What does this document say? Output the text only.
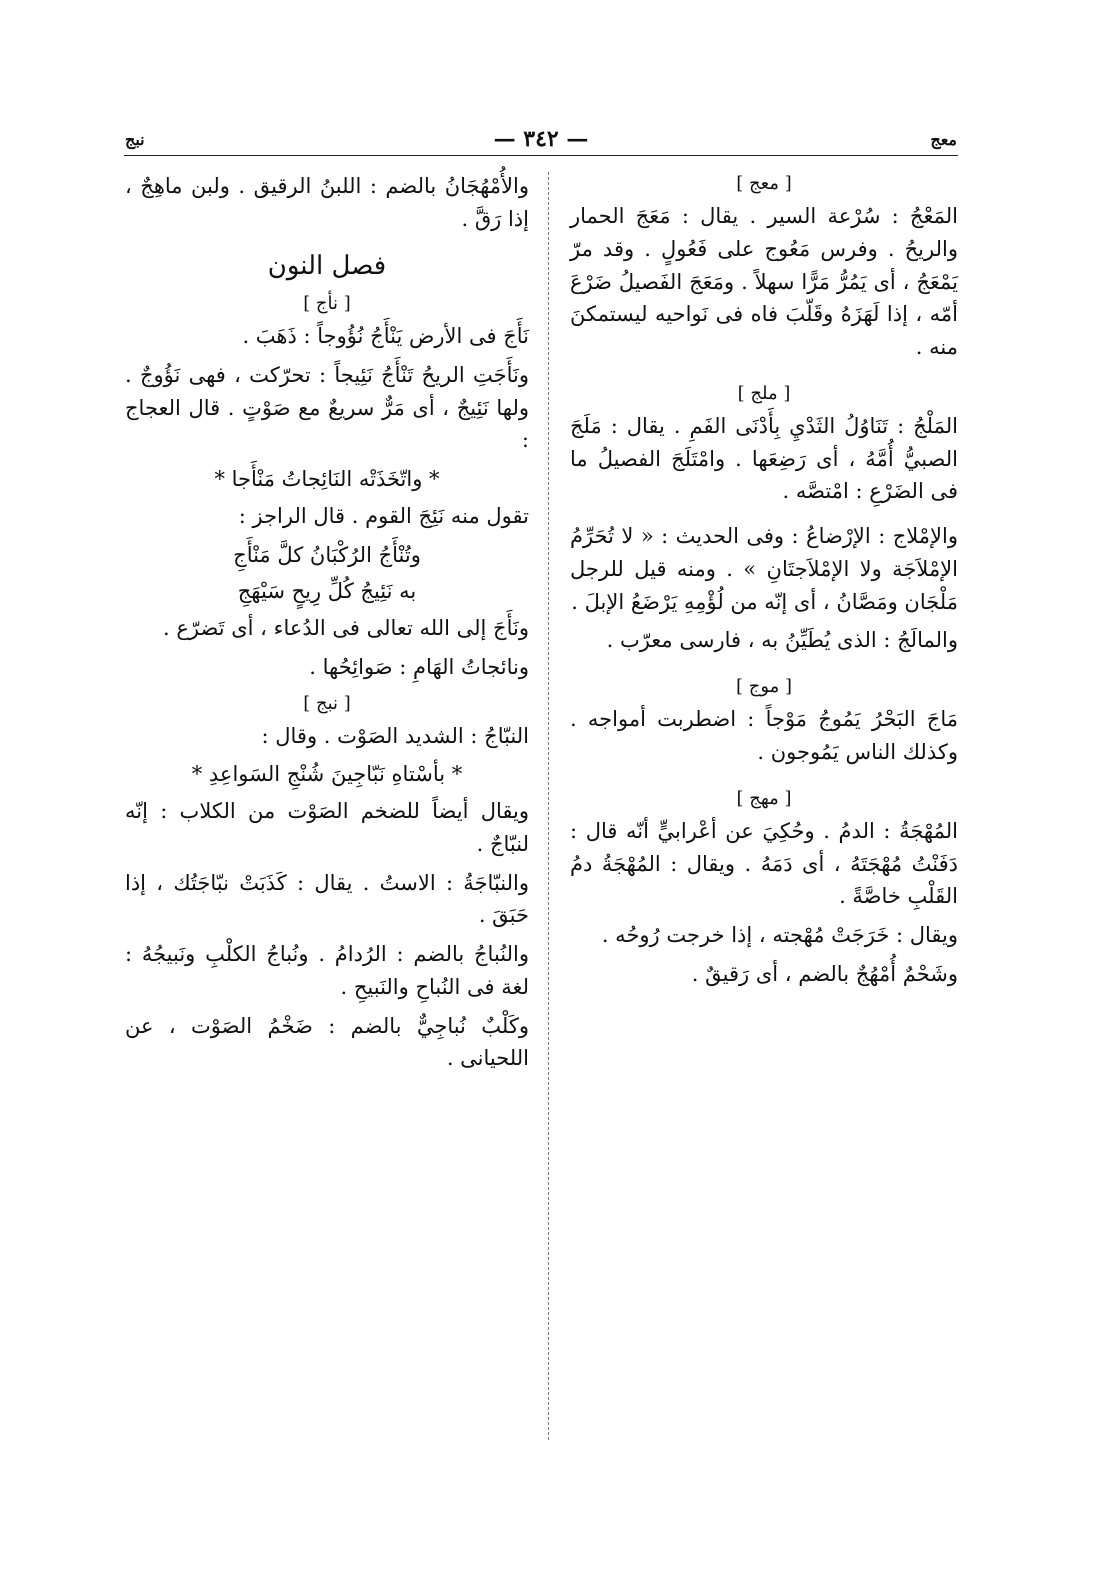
معج
— ٣٤٢ —
نبج
[ معج ]

المَعْجُ : سُرْعة السير . يقال : مَعَجَ الحمار والريحُ . وفرس مَعُوج على فَعُولٍ . وقد مرّ يَمْعَجُ ، أى يَمُرُّ مَرًّا سهلاً . ومَعَجَ الفَصيلُ ضَرْعَ أمّه ، إذا لَهَزَهُ وقَلّبَ فاه فى نَواحيه ليستمكنَ منه .

[ ملج ]

المَلْجُ : تَنَاوُلُ الثَدْيِ بِأَدْنَى الفَمِ . يقال : مَلَجَ الصبيُّ أُمَّهُ ، أى رَضِعَها . وامْتَلَجَ الفصيلُ ما فى الضَرْعِ : امْتصَّه .

والإمْلاج : الإرْضاعُ : وفى الحديث : « لا تُحَرِّمُ الإمْلاَجَة ولا الإمْلاَجتَانِ » . ومنه قيل للرجل مَلْجَان ومَصَّانُ ، أى إنّه من لُؤْمِهِ يَرْضَعُ الإبلَ .

والمالَجُ : الذى يُطَيِّنُ به ، فارسى معرّب .

[ موج ]

مَاجَ البَحْرُ يَمُوجُ مَوْجاً : اضطربت أمواجه . وكذلك الناس يَمُوجون .

[ مهج ]

المُهْجَةُ : الدمُ . وحُكِيَ عن أعْرابيٍّ أنّه قال : دَفَنْتُ مُهْجَتَهُ ، أى دَمَهُ . ويقال : المُهْجَةُ دمُ القَلْبِ خاصَّةً .

ويقال : خَرَجَتْ مُهْجته ، إذا خرجت رُوحُه .

وشَحْمٌ أُمْهُجٌ بالضم ، أى رَقيقٌ .

والأُمْهُجَانُ بالضم : اللبنُ الرقيق . ولبن ماهِجٌ ، إذا رَقَّ .

فصل النون
[ نأج ]

نَأَجَ فى الأرض يَنْأَجُ نُؤُوجاً : ذَهَبَ .

ونَأَجَتِ الريحُ تَنْأَجُ نَئِيجاً : تحرّكت ، فهى نَؤُوجٌ . ولها نَئِيجٌ ، أى مَرٌّ سريعٌ مع صَوْتٍ . قال العجاج :

* واتّخَذَتْه النَائِجاتُ مَنْأَجا *

تقول منه نَئِجَ القوم . قال الراجز :

وتُنْأَجُ الرُكْبَانُ كلَّ مَنْأَجِ
به نَئِيجُ كُلِّ رِيحٍ سَيْهَجِ

ونَأَجَ إلى الله تعالى فى الدُعاء ، أى تَضرّع .

ونائجاتُ الهَامِ : صَوائِحُها .

[ نبج ]

النبّاجُ : الشديد الصَوْت . وقال :

* بأسْتاهِ نَبّاجِينَ شُنْجِ السَواعِدِ *

ويقال أيضاً للضخم الصَوْت من الكلاب : إنّه لنبّاجٌ .

والنبّاجَةُ : الاستُ . يقال : كَذَبَتْ نبّاجَتُك ، إذا حَبَقَ .

والنُباجُ بالضم : الرُدامُ . ونُباجُ الكلْبِ ونَبيجُهُ : لغة فى النُباحِ والنَبيحِ .

وكَلْبٌ نُباجِيٌّ بالضم : ضَخْمُ الصَوْت ، عن اللحيانى .
